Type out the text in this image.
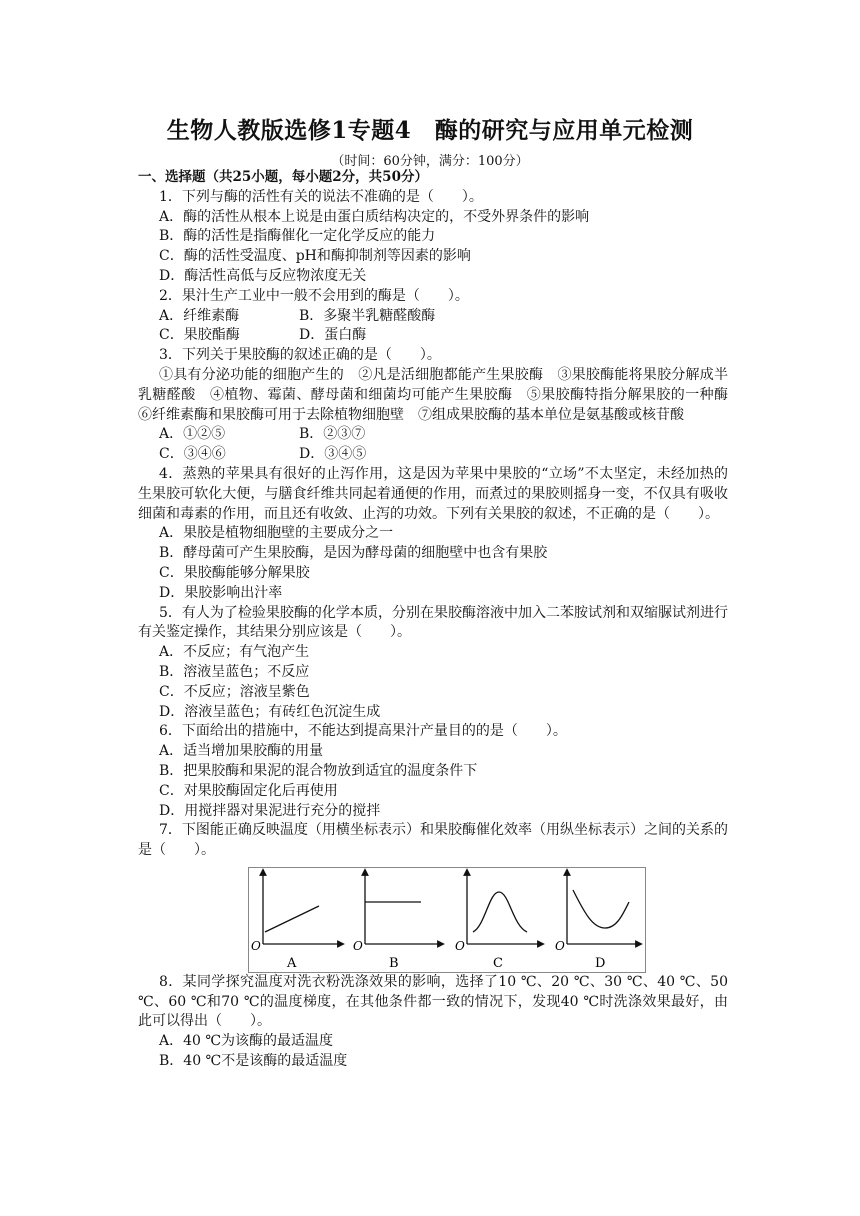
生物人教版选修1专题4　酶的研究与应用单元检测
（时间：60分钟，满分：100分）

一、选择题（共25小题，每小题2分，共50分）

1．下列与酶的活性有关的说法不准确的是（　　）。

A．酶的活性从根本上说是由蛋白质结构决定的，不受外界条件的影响

B．酶的活性是指酶催化一定化学反应的能力

C．酶的活性受温度、pH和酶抑制剂等因素的影响

D．酶活性高低与反应物浓度无关

2．果汁生产工业中一般不会用到的酶是（　　）。

A．纤维素酶	B．多聚半乳糖醛酸酶
C．果胶酯酶	D．蛋白酶

3．下列关于果胶酶的叙述正确的是（　　）。

①具有分泌功能的细胞产生的　②凡是活细胞都能产生果胶酶　③果胶酶能将果胶分解成半乳糖醛酸　④植物、霉菌、酵母菌和细菌均可能产生果胶酶　⑤果胶酶特指分解果胶的一种酶　⑥纤维素酶和果胶酶可用于去除植物细胞壁　⑦组成果胶酶的基本单位是氨基酸或核苷酸

A．①②⑤	B．②③⑦
C．③④⑥	D．③④⑤

4．蒸熟的苹果具有很好的止泻作用，这是因为苹果中果胶的“立场”不太坚定，未经加热的生果胶可软化大便，与膳食纤维共同起着通便的作用，而煮过的果胶则摇身一变，不仅具有吸收细菌和毒素的作用，而且还有收敛、止泻的功效。下列有关果胶的叙述，不正确的是（　　）。

A．果胶是植物细胞壁的主要成分之一

B．酵母菌可产生果胶酶，是因为酵母菌的细胞壁中也含有果胶

C．果胶酶能够分解果胶

D．果胶影响出汁率

5．有人为了检验果胶酶的化学本质，分别在果胶酶溶液中加入二苯胺试剂和双缩脲试剂进行有关鉴定操作，其结果分别应该是（　　）。

A．不反应；有气泡产生

B．溶液呈蓝色；不反应

C．不反应；溶液呈紫色

D．溶液呈蓝色；有砖红色沉淀生成

6．下面给出的措施中，不能达到提高果汁产量目的的是（　　）。

A．适当增加果胶酶的用量

B．把果胶酶和果泥的混合物放到适宜的温度条件下

C．对果胶酶固定化后再使用

D．用搅拌器对果泥进行充分的搅拌

7．下图能正确反映温度（用横坐标表示）和果胶酶催化效率（用纵坐标表示）之间的关系的是（　　）。

O
A
O
B
O
C
O
D

8．某同学探究温度对洗衣粉洗涤效果的影响，选择了10 ℃、20 ℃、30 ℃、40 ℃、50 ℃、60 ℃和70 ℃的温度梯度，在其他条件都一致的情况下，发现40 ℃时洗涤效果最好，由此可以得出（　　）。

A．40 ℃为该酶的最适温度

B．40 ℃不是该酶的最适温度
